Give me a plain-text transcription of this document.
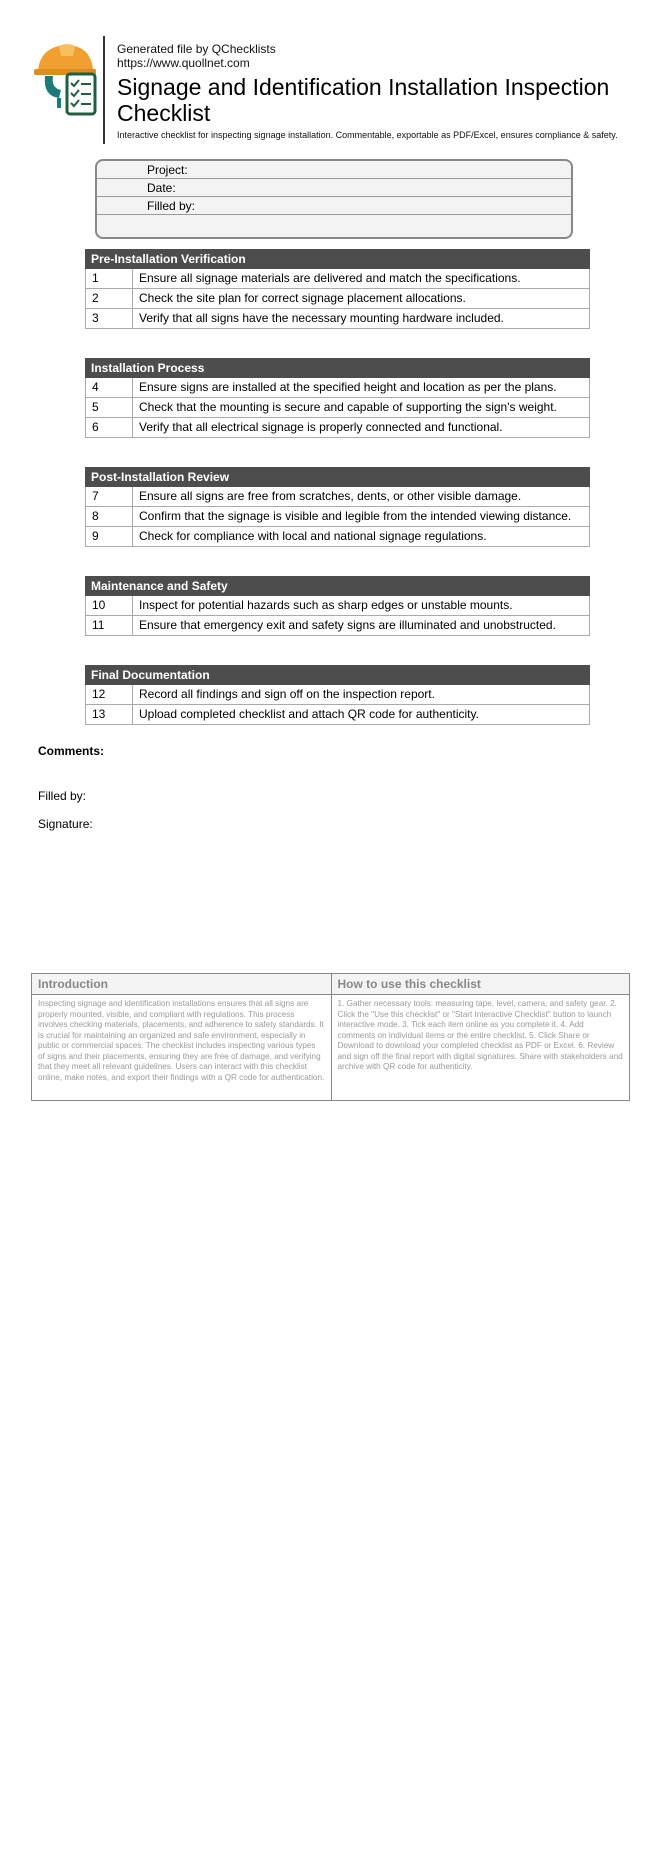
Generated file by QChecklists
https://www.quollnet.com
Signage and Identification Installation Inspection Checklist
Interactive checklist for inspecting signage installation. Commentable, exportable as PDF/Excel, ensures compliance & safety.
Project:
Date:
Filled by:
Pre-Installation Verification
1	Ensure all signage materials are delivered and match the specifications.
2	Check the site plan for correct signage placement allocations.
3	Verify that all signs have the necessary mounting hardware included.
Installation Process
4	Ensure signs are installed at the specified height and location as per the plans.
5	Check that the mounting is secure and capable of supporting the sign's weight.
6	Verify that all electrical signage is properly connected and functional.
Post-Installation Review
7	Ensure all signs are free from scratches, dents, or other visible damage.
8	Confirm that the signage is visible and legible from the intended viewing distance.
9	Check for compliance with local and national signage regulations.
Maintenance and Safety
10	Inspect for potential hazards such as sharp edges or unstable mounts.
11	Ensure that emergency exit and safety signs are illuminated and unobstructed.
Final Documentation
12	Record all findings and sign off on the inspection report.
13	Upload completed checklist and attach QR code for authenticity.
Comments:
Filled by:
Signature:
Introduction
Inspecting signage and identification installations ensures that all signs are properly mounted, visible, and compliant with regulations. This process involves checking materials, placements, and adherence to safety standards. It is crucial for maintaining an organized and safe environment, especially in public or commercial spaces. The checklist includes inspecting various types of signs and their placements, ensuring they are free of damage, and verifying that they meet all relevant guidelines. Users can interact with this checklist online, make notes, and export their findings with a QR code for authentication.
How to use this checklist
1. Gather necessary tools: measuring tape, level, camera, and safety gear. 2. Click the "Use this checklist" or "Start Interactive Checklist" button to launch interactive mode. 3. Tick each item online as you complete it. 4. Add comments on individual items or the entire checklist. 5. Click Share or Download to download your completed checklist as PDF or Excel. 6. Review and sign off the final report with digital signatures. Share with stakeholders and archive with QR code for authenticity.
